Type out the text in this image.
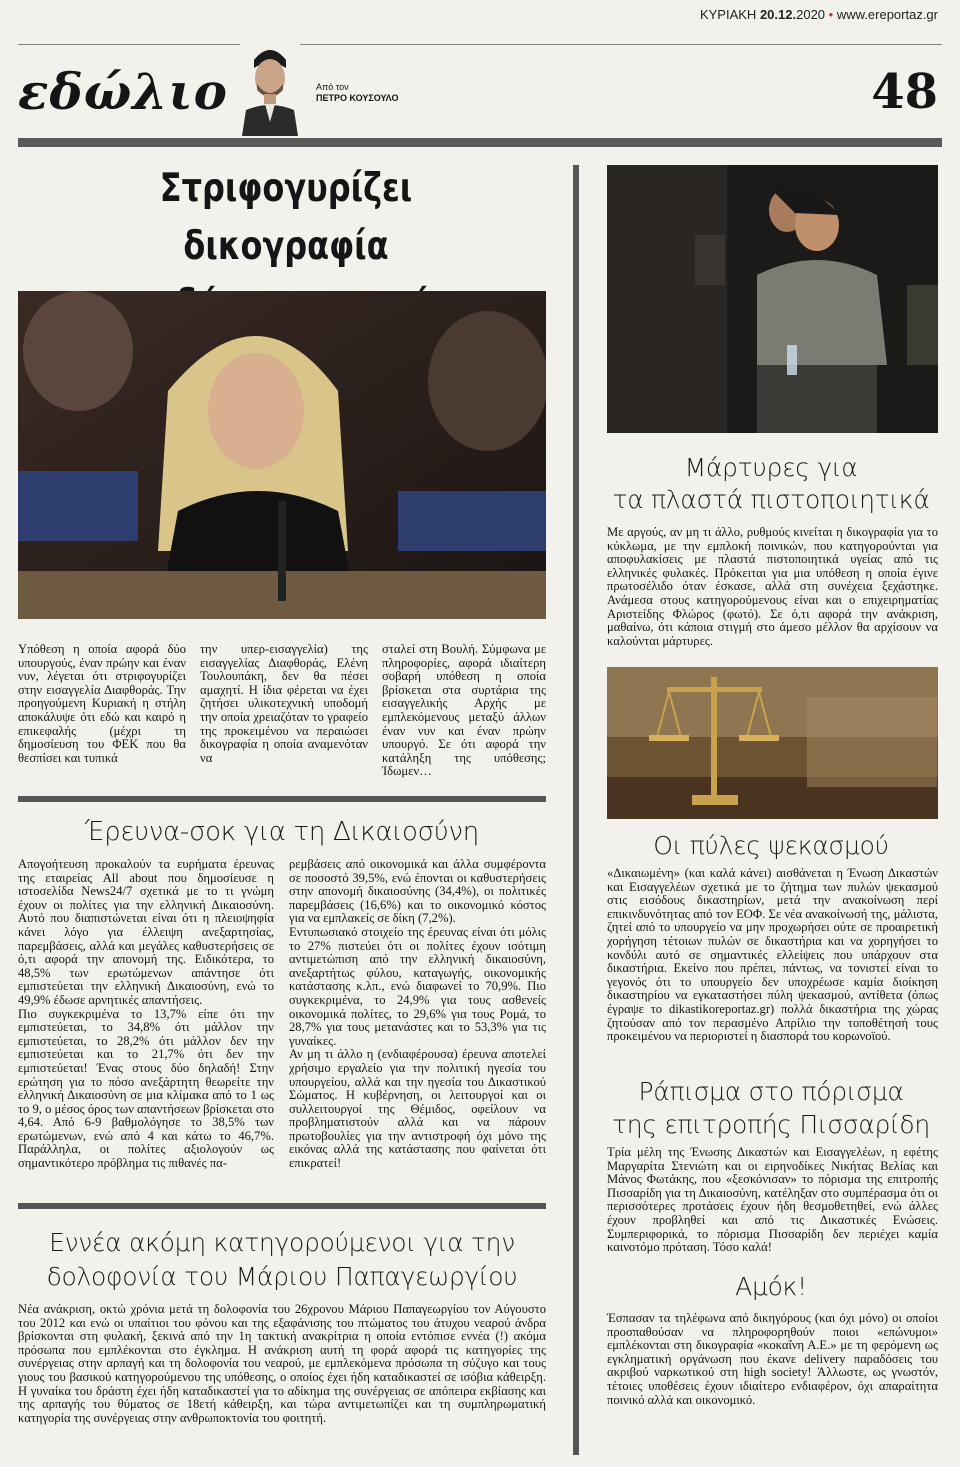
ΚΥΡΙΑΚΗ 20.12.2020 • www.ereportaz.gr
εδώλιο	Από τον
ΠΕΤΡΟ ΚΟΥΣΟΥΛΟ	48
Στριφογυρίζει δικογραφία
Υπόθεση η οποία αφορά δύο υπουργούς, έναν πρώην και έναν νυν, λέγεται ότι στριφογυρίζει στην εισαγγελία Διαφθοράς. Την προηγούμενη Κυριακή η στήλη αποκάλυψε ότι εδώ και καιρό η επικεφαλής (μέχρι τη δημοσίευση του ΦΕΚ που θα θεσπίσει και τυπικά
την υπερ-εισαγγελία) της εισαγγελίας Διαφθοράς, Ελένη Τουλουπάκη, δεν θα πέσει αμαχητί. Η ίδια φέρεται να έχει ζητήσει υλικοτεχνική υποδομή την οποία χρειαζόταν το γραφείο της προκειμένου να περαιώσει δικογραφία η οποία αναμενόταν να
σταλεί στη Βουλή. Σύμφωνα με πληροφορίες, αφορά ιδιαίτερη σοβαρή υπόθεση η οποία βρίσκεται στα συρτάρια της εισαγγελικής Αρχής με εμπλεκόμενους μεταξύ άλλων έναν νυν και έναν πρώην υπουργό. Σε ότι αφορά την κατάληξη της υπόθεσης; Ίδωμεν…
Έρευνα-σοκ για τη Δικαιοσύνη

Απογοήτευση προκαλούν τα ευρήματα έρευνας της εταιρείας All about που δημοσίευσε η ιστοσελίδα News24/7 σχετικά με το τι γνώμη έχουν οι πολίτες για την ελληνική Δικαιοσύνη. Αυτό που διαπιστώνεται είναι ότι η πλειοψηφία κάνει λόγο για έλλειψη ανεξαρτησίας, παρεμβάσεις, αλλά και μεγάλες καθυστερήσεις σε ό,τι αφορά την απονομή της. Ειδικότερα, το 48,5% των ερωτώμενων απάντησε ότι εμπιστεύεται την ελληνική Δικαιοσύνη, ενώ το 49,9% έδωσε αρνητικές απαντήσεις.

Πιο συγκεκριμένα το 13,7% είπε ότι την εμπιστεύεται, το 34,8% ότι μάλλον την εμπιστεύεται, το 28,2% ότι μάλλον δεν την εμπιστεύεται και το 21,7% ότι δεν την εμπιστεύεται! Ένας στους δύο δηλαδή! Στην ερώτηση για το πόσο ανεξάρτητη θεωρείτε την ελληνική Δικαιοσύνη σε μια κλίμακα από το 1 ως το 9, ο μέσος όρος των απαντήσεων βρίσκεται στο 4,64. Από 6-9 βαθμολόγησε το 38,5% των ερωτώμενων, ενώ από 4 και κάτω το 46,7%. Παράλληλα, οι πολίτες αξιολογούν ως σημαντικότερο πρόβλημα τις πιθανές πα-

ρεμβάσεις από οικονομικά και άλλα συμφέροντα σε ποσοστό 39,5%, ενώ έπονται οι καθυστερήσεις στην απονομή δικαιοσύνης (34,4%), οι πολιτικές παρεμβάσεις (16,6%) και το οικονομικό κόστος για να εμπλακείς σε δίκη (7,2%).

Εντυπωσιακό στοιχείο της έρευνας είναι ότι μόλις το 27% πιστεύει ότι οι πολίτες έχουν ισότιμη αντιμετώπιση από την ελληνική δικαιοσύνη, ανεξαρτήτως φύλου, καταγωγής, οικονομικής κατάστασης κ.λπ., ενώ διαφωνεί το 70,9%. Πιο συγκεκριμένα, το 24,9% για τους ασθενείς οικονομικά πολίτες, το 29,6% για τους Ρομά, το 28,7% για τους μετανάστες και το 53,3% για τις γυναίκες.

Αν μη τι άλλο η (ενδιαφέρουσα) έρευνα αποτελεί χρήσιμο εργαλείο για την πολιτική ηγεσία του υπουργείου, αλλά και την ηγεσία του Δικαστικού Σώματος. Η κυβέρνηση, οι λειτουργοί και οι συλλειτουργοί της Θέμιδος, οφείλουν να προβληματιστούν αλλά και να πάρουν πρωτοβουλίες για την αντιστροφή όχι μόνο της εικόνας αλλά της κατάστασης που φαίνεται ότι επικρατεί!

Εννέα ακόμη κατηγορούμενοι για την
δολοφονία του Μάριου Παπαγεωργίου
Νέα ανάκριση, οκτώ χρόνια μετά τη δολοφονία του 26χρονου Μάριου Παπαγεωργίου τον Αύγουστο του 2012 και ενώ οι υπαίτιοι του φόνου και της εξαφάνισης του πτώματος του άτυχου νεαρού άνδρα βρίσκονται στη φυλακή, ξεκινά από την 1η τακτική ανακρίτρια η οποία εντόπισε εννέα (!) ακόμα πρόσωπα που εμπλέκονται στο έγκλημα. Η ανάκριση αυτή τη φορά αφορά τις κατηγορίες της συνέργειας στην αρπαγή και τη δολοφονία του νεαρού, με εμπλεκόμενα πρόσωπα τη σύζυγο και τους γιους του βασικού κατηγορούμενου της υπόθεσης, ο οποίος έχει ήδη καταδικαστεί σε ισόβια κάθειρξη. Η γυναίκα του δράστη έχει ήδη καταδικαστεί για το αδίκημα της συνέργειας σε απόπειρα εκβίασης και της αρπαγής του θύματος σε 18ετή κάθειρξη, και τώρα αντιμετωπίζει και τη συμπληρωματική κατηγορία της συνέργειας στην ανθρωποκτονία του φοιτητή.
Μάρτυρες για
τα πλαστά πιστοποιητικά
Με αργούς, αν μη τι άλλο, ρυθμούς κινείται η δικογραφία για το κύκλωμα, με την εμπλοκή ποινικών, που κατηγορούνται για αποφυλακίσεις με πλαστά πιστοποιητικά υγείας από τις ελληνικές φυλακές. Πρόκειται για μια υπόθεση η οποία έγινε πρωτοσέλιδο όταν έσκασε, αλλά στη συνέχεια ξεχάστηκε. Ανάμεσα στους κατηγορούμενους είναι και ο επιχειρηματίας Αριστείδης Φλώρος (φωτό). Σε ό,τι αφορά την ανάκριση, μαθαίνω, ότι κάποια στιγμή στο άμεσο μέλλον θα αρχίσουν να καλούνται μάρτυρες.
Οι πύλες ψεκασμού
«Δικαιωμένη» (και καλά κάνει) αισθάνεται η Ένωση Δικαστών και Εισαγγελέων σχετικά με το ζήτημα των πυλών ψεκασμού στις εισόδους δικαστηρίων, μετά την ανακοίνωση περί επικινδυνότητας από τον ΕΟΦ. Σε νέα ανακοίνωσή της, μάλιστα, ζητεί από το υπουργείο να μην προχωρήσει ούτε σε προαιρετική χορήγηση τέτοιων πυλών σε δικαστήρια και να χορηγήσει το κονδύλι αυτό σε σημαντικές ελλείψεις που υπάρχουν στα δικαστήρια. Εκείνο που πρέπει, πάντως, να τονιστεί είναι το γεγονός ότι το υπουργείο δεν υποχρέωσε καμία διοίκηση δικαστηρίου να εγκαταστήσει πύλη ψεκασμού, αντίθετα (όπως έγραψε το dikastikoreportaz.gr) πολλά δικαστήρια της χώρας ζητούσαν από τον περασμένο Απρίλιο την τοποθέτησή τους προκειμένου να περιοριστεί η διασπορά του κορωνοϊού.
Ράπισμα στο πόρισμα
της επιτροπής Πισσαρίδη
Τρία μέλη της Ένωσης Δικαστών και Εισαγγελέων, η εφέτης Μαργαρίτα Στενιώτη και οι ειρηνοδίκες Νικήτας Βελίας και Μάνος Φωτάκης, που «ξεσκόνισαν» το πόρισμα της επιτροπής Πισσαρίδη για τη Δικαιοσύνη, κατέληξαν στο συμπέρασμα ότι οι περισσότερες προτάσεις έχουν ήδη θεσμοθετηθεί, ενώ άλλες έχουν προβληθεί και από τις Δικαστικές Ενώσεις. Συμπεριφορικά, το πόρισμα Πισσαρίδη δεν περιέχει καμία καινοτόμο πρόταση. Τόσο καλά!
Αμόκ!
Έσπασαν τα τηλέφωνα από δικηγόρους (και όχι μόνο) οι οποίοι προσπαθούσαν να πληροφορηθούν ποιοι «επώνυμοι» εμπλέκονται στη δικογραφία «κοκαΐνη Α.Ε.» με τη φερόμενη ως εγκληματική οργάνωση που έκανε delivery παραδόσεις του ακριβού ναρκωτικού στη high society! Άλλωστε, ως γνωστόν, τέτοιες υποθέσεις έχουν ιδιαίτερο ενδιαφέρον, όχι απαραίτητα ποινικό αλλά και οικονομικό.
